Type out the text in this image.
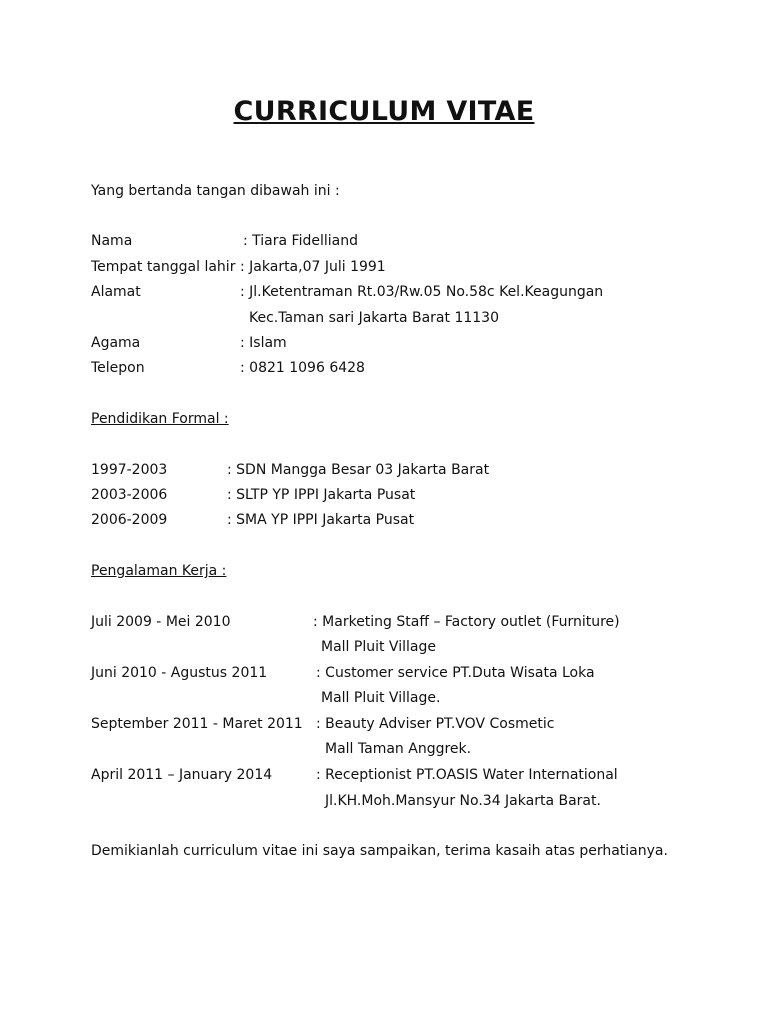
CURRICULUM VITAE
Yang bertanda tangan dibawah ini :
Nama	: Tiara Fidelliand
Tempat tanggal lahir : Jakarta,07 Juli 1991
Alamat	: Jl.Ketentraman Rt.03/Rw.05 No.58c Kel.Keagungan
Kec.Taman sari Jakarta Barat 11130
Agama	: Islam
Telepon	: 0821 1096 6428
Pendidikan Formal :
1997-2003	: SDN Mangga Besar 03 Jakarta Barat
2003-2006	: SLTP YP IPPI Jakarta Pusat
2006-2009	: SMA YP IPPI Jakarta Pusat
Pengalaman Kerja :
Juli 2009 - Mei 2010	: Marketing Staff – Factory outlet (Furniture)
Mall Pluit Village
Juni 2010 - Agustus 2011	: Customer service PT.Duta Wisata Loka
Mall Pluit Village.
September 2011 - Maret 2011 : Beauty Adviser PT.VOV Cosmetic
Mall Taman Anggrek.
April 2011 – January 2014	: Receptionist PT.OASIS Water International
Jl.KH.Moh.Mansyur No.34 Jakarta Barat.
Demikianlah curriculum vitae ini saya sampaikan, terima kasaih atas perhatianya.
